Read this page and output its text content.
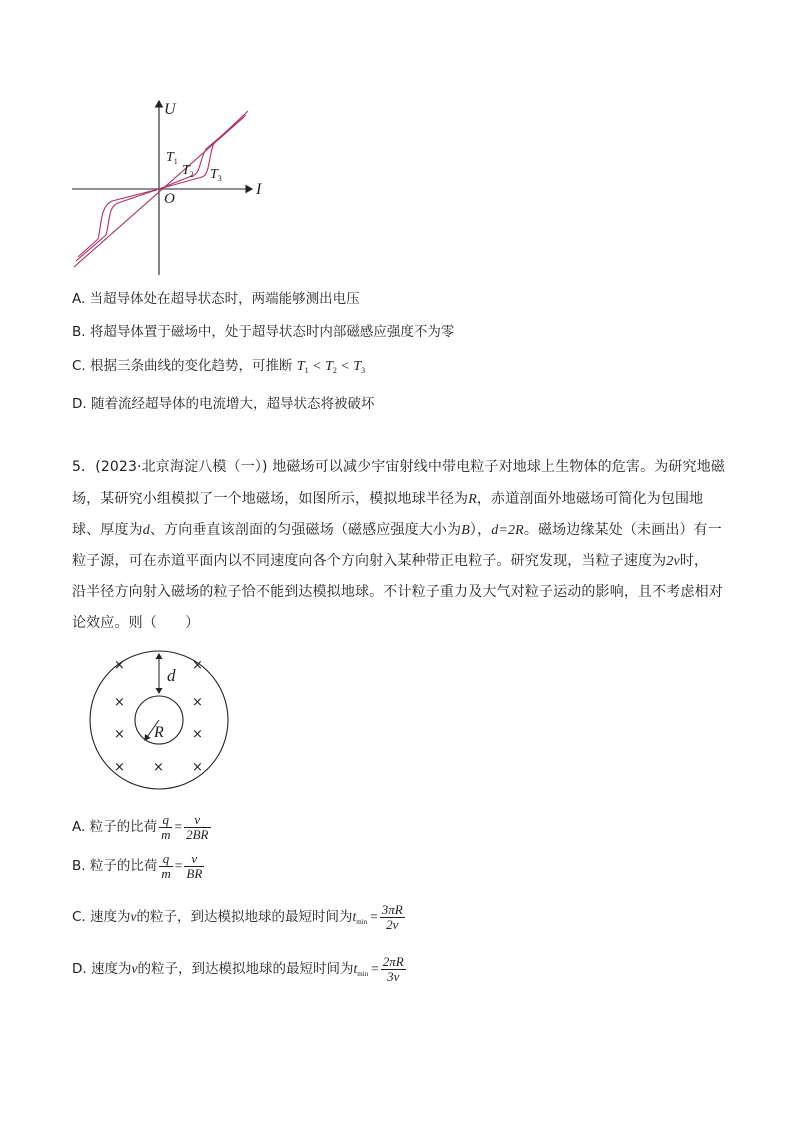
U
I
O
$T_1$
$T_2$ $T_3$
A. 当超导体处在超导状态时，两端能够测出电压
B. 将超导体置于磁场中，处于超导状态时内部磁感应强度不为零
C. 根据三条曲线的变化趋势，可推断 $T_1 < T_2 < T_3$
D. 随着流经超导体的电流增大，超导状态将被破坏
5．(2023·北京海淀八模（一）) 地磁场可以减少宇宙射线中带电粒子对地球上生物体的危害。为研究地磁
场，某研究小组模拟了一个地磁场，如图所示，模拟地球半径为R，赤道剖面外地磁场可简化为包围地
球、厚度为d、方向垂直该剖面的匀强磁场（磁感应强度大小为B），d=2R。磁场边缘某处（未画出）有一
粒子源，可在赤道平面内以不同速度向各个方向射入某种带正电粒子。研究发现，当粒子速度为2v时，
沿半径方向射入磁场的粒子恰不能到达模拟地球。不计粒子重力及大气对粒子运动的影响，且不考虑相对
论效应。则（　　）
d
R
×	×
×	×
×	×
× × ×
A. 粒子的比荷 $\frac{q}{m} = \frac{v}{2BR}$
B. 粒子的比荷 $\frac{q}{m} = \frac{v}{BR}$
C. 速度为v的粒子，到达模拟地球的最短时间为$t_{min} = \frac{3\pi R}{2v}$
D. 速度为v的粒子，到达模拟地球的最短时间为$t_{min} = \frac{2\pi R}{3v}$
